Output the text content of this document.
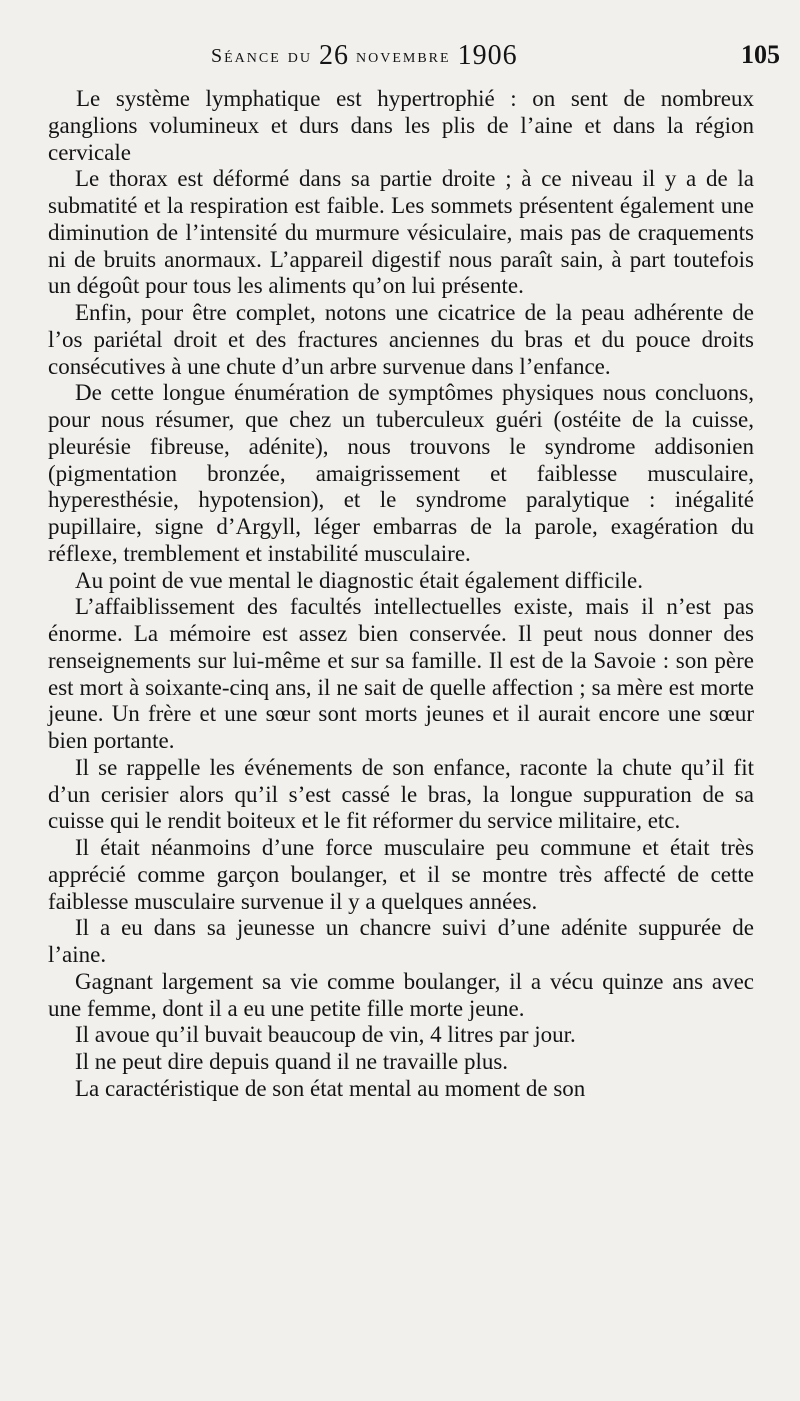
Séance du 26 novembre 1906	105

Le système lymphatique est hypertrophié : on sent de nombreux ganglions volumineux et durs dans les plis de l’aine et dans la région cervicale

Le thorax est déformé dans sa partie droite ; à ce niveau il y a de la submatité et la respiration est faible. Les sommets présentent également une diminution de l’intensité du murmure vésiculaire, mais pas de craquements ni de bruits anormaux. L’appareil digestif nous paraît sain, à part toutefois un dégoût pour tous les aliments qu’on lui présente.

Enfin, pour être complet, notons une cicatrice de la peau adhérente de l’os pariétal droit et des fractures anciennes du bras et du pouce droits consécutives à une chute d’un arbre survenue dans l’enfance.

De cette longue énumération de symptômes physiques nous concluons, pour nous résumer, que chez un tuberculeux guéri (ostéite de la cuisse, pleurésie fibreuse, adénite), nous trouvons le syndrome addisonien (pigmentation bronzée, amaigrissement et faiblesse musculaire, hyperesthésie, hypotension), et le syndrome paralytique : inégalité pupillaire, signe d’Argyll, léger embarras de la parole, exagération du réflexe, tremblement et instabilité musculaire.

Au point de vue mental le diagnostic était également difficile.

L’affaiblissement des facultés intellectuelles existe, mais il n’est pas énorme. La mémoire est assez bien conservée. Il peut nous donner des renseignements sur lui-même et sur sa famille. Il est de la Savoie : son père est mort à soixante-cinq ans, il ne sait de quelle affection ; sa mère est morte jeune. Un frère et une sœur sont morts jeunes et il aurait encore une sœur bien portante.

Il se rappelle les événements de son enfance, raconte la chute qu’il fit d’un cerisier alors qu’il s’est cassé le bras, la longue suppuration de sa cuisse qui le rendit boiteux et le fit réformer du service militaire, etc.

Il était néanmoins d’une force musculaire peu commune et était très apprécié comme garçon boulanger, et il se montre très affecté de cette faiblesse musculaire survenue il y a quelques années.

Il a eu dans sa jeunesse un chancre suivi d’une adénite suppurée de l’aine.

Gagnant largement sa vie comme boulanger, il a vécu quinze ans avec une femme, dont il a eu une petite fille morte jeune.

Il avoue qu’il buvait beaucoup de vin, 4 litres par jour.

Il ne peut dire depuis quand il ne travaille plus.

La caractéristique de son état mental au moment de son
